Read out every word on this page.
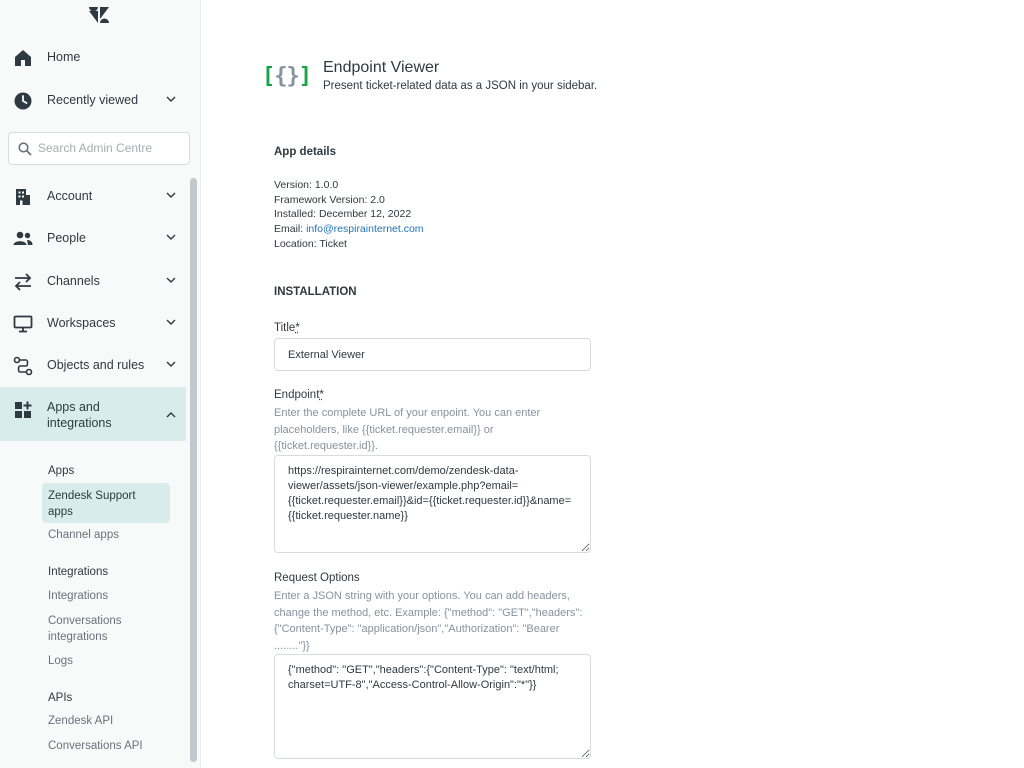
Home
Recently viewed
Search Admin Centre
Account
People
Channels
Workspaces
Objects and rules
Apps and integrations
Apps
Zendesk Support apps
Channel apps
Integrations
Integrations
Conversations integrations
Logs
APIs
Zendesk API
Conversations API
[{}] Endpoint Viewer
Present ticket-related data as a JSON in your sidebar.
App details
Version: 1.0.0
Framework Version: 2.0
Installed: December 12, 2022
Email: info@respirainternet.com
Location: Ticket
INSTALLATION
Title*
External Viewer
Endpoint*
Enter the complete URL of your enpoint. You can enter placeholders, like {{ticket.requester.email}} or {{ticket.requester.id}}.
https://respirainternet.com/demo/zendesk-data-viewer/assets/json-viewer/example.php?email={{ticket.requester.email}}&id={{ticket.requester.id}}&name={{ticket.requester.name}}
Request Options
Enter a JSON string with your options. You can add headers, change the method, etc. Example: {"method": "GET","headers":{"Content-Type": "application/json","Authorization": "Bearer ........"}}
{"method": "GET","headers":{"Content-Type": "text/html; charset=UTF-8","Access-Control-Allow-Origin":"*"}}
